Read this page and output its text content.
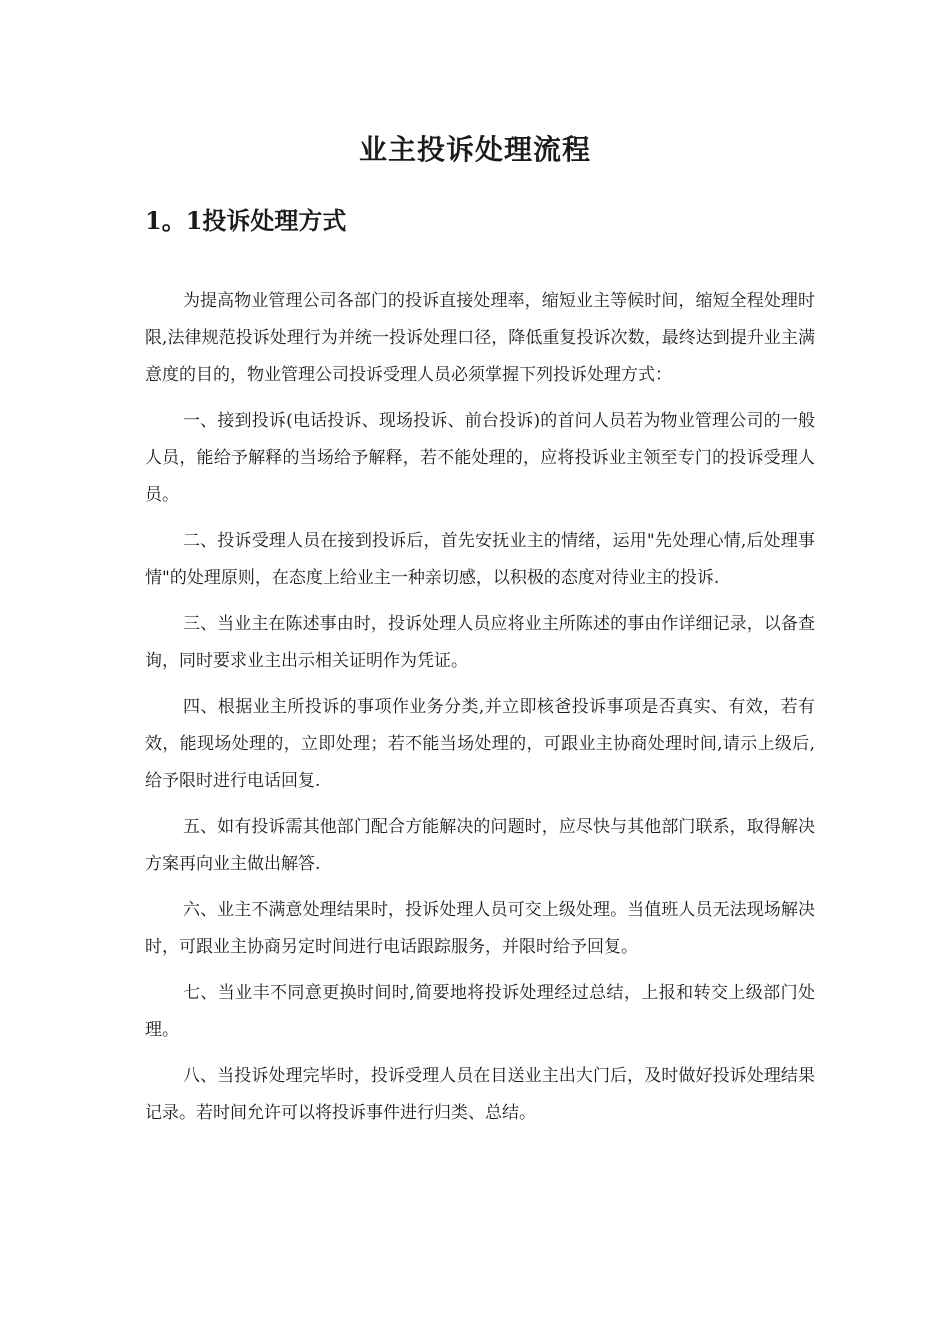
业主投诉处理流程
1。1投诉处理方式

为提高物业管理公司各部门的投诉直接处理率，缩短业主等候时间，缩短全程处理时限,法律规范投诉处理行为并统一投诉处理口径，降低重复投诉次数，最终达到提升业主满意度的目的，物业管理公司投诉受理人员必须掌握下列投诉处理方式：

一、接到投诉(电话投诉、现场投诉、前台投诉)的首问人员若为物业管理公司的一般人员，能给予解释的当场给予解释，若不能处理的，应将投诉业主领至专门的投诉受理人员。

二、投诉受理人员在接到投诉后，首先安抚业主的情绪，运用"先处理心情,后处理事情"的处理原则，在态度上给业主一种亲切感，以积极的态度对待业主的投诉.

三、当业主在陈述事由时，投诉处理人员应将业主所陈述的事由作详细记录，以备查询，同时要求业主出示相关证明作为凭证。

四、根据业主所投诉的事项作业务分类,并立即核爸投诉事项是否真实、有效，若有效，能现场处理的，立即处理；若不能当场处理的，可跟业主协商处理时间,请示上级后,给予限时进行电话回复.

五、如有投诉需其他部门配合方能解决的问题时，应尽快与其他部门联系，取得解决方案再向业主做出解答.

六、业主不满意处理结果时，投诉处理人员可交上级处理。当值班人员无法现场解决时，可跟业主协商另定时间进行电话跟踪服务，并限时给予回复。

七、当业丰不同意更换时间时,简要地将投诉处理经过总结，上报和转交上级部门处理。

八、当投诉处理完毕时，投诉受理人员在目送业主出大门后，及时做好投诉处理结果记录。若时间允许可以将投诉事件进行归类、总结。
